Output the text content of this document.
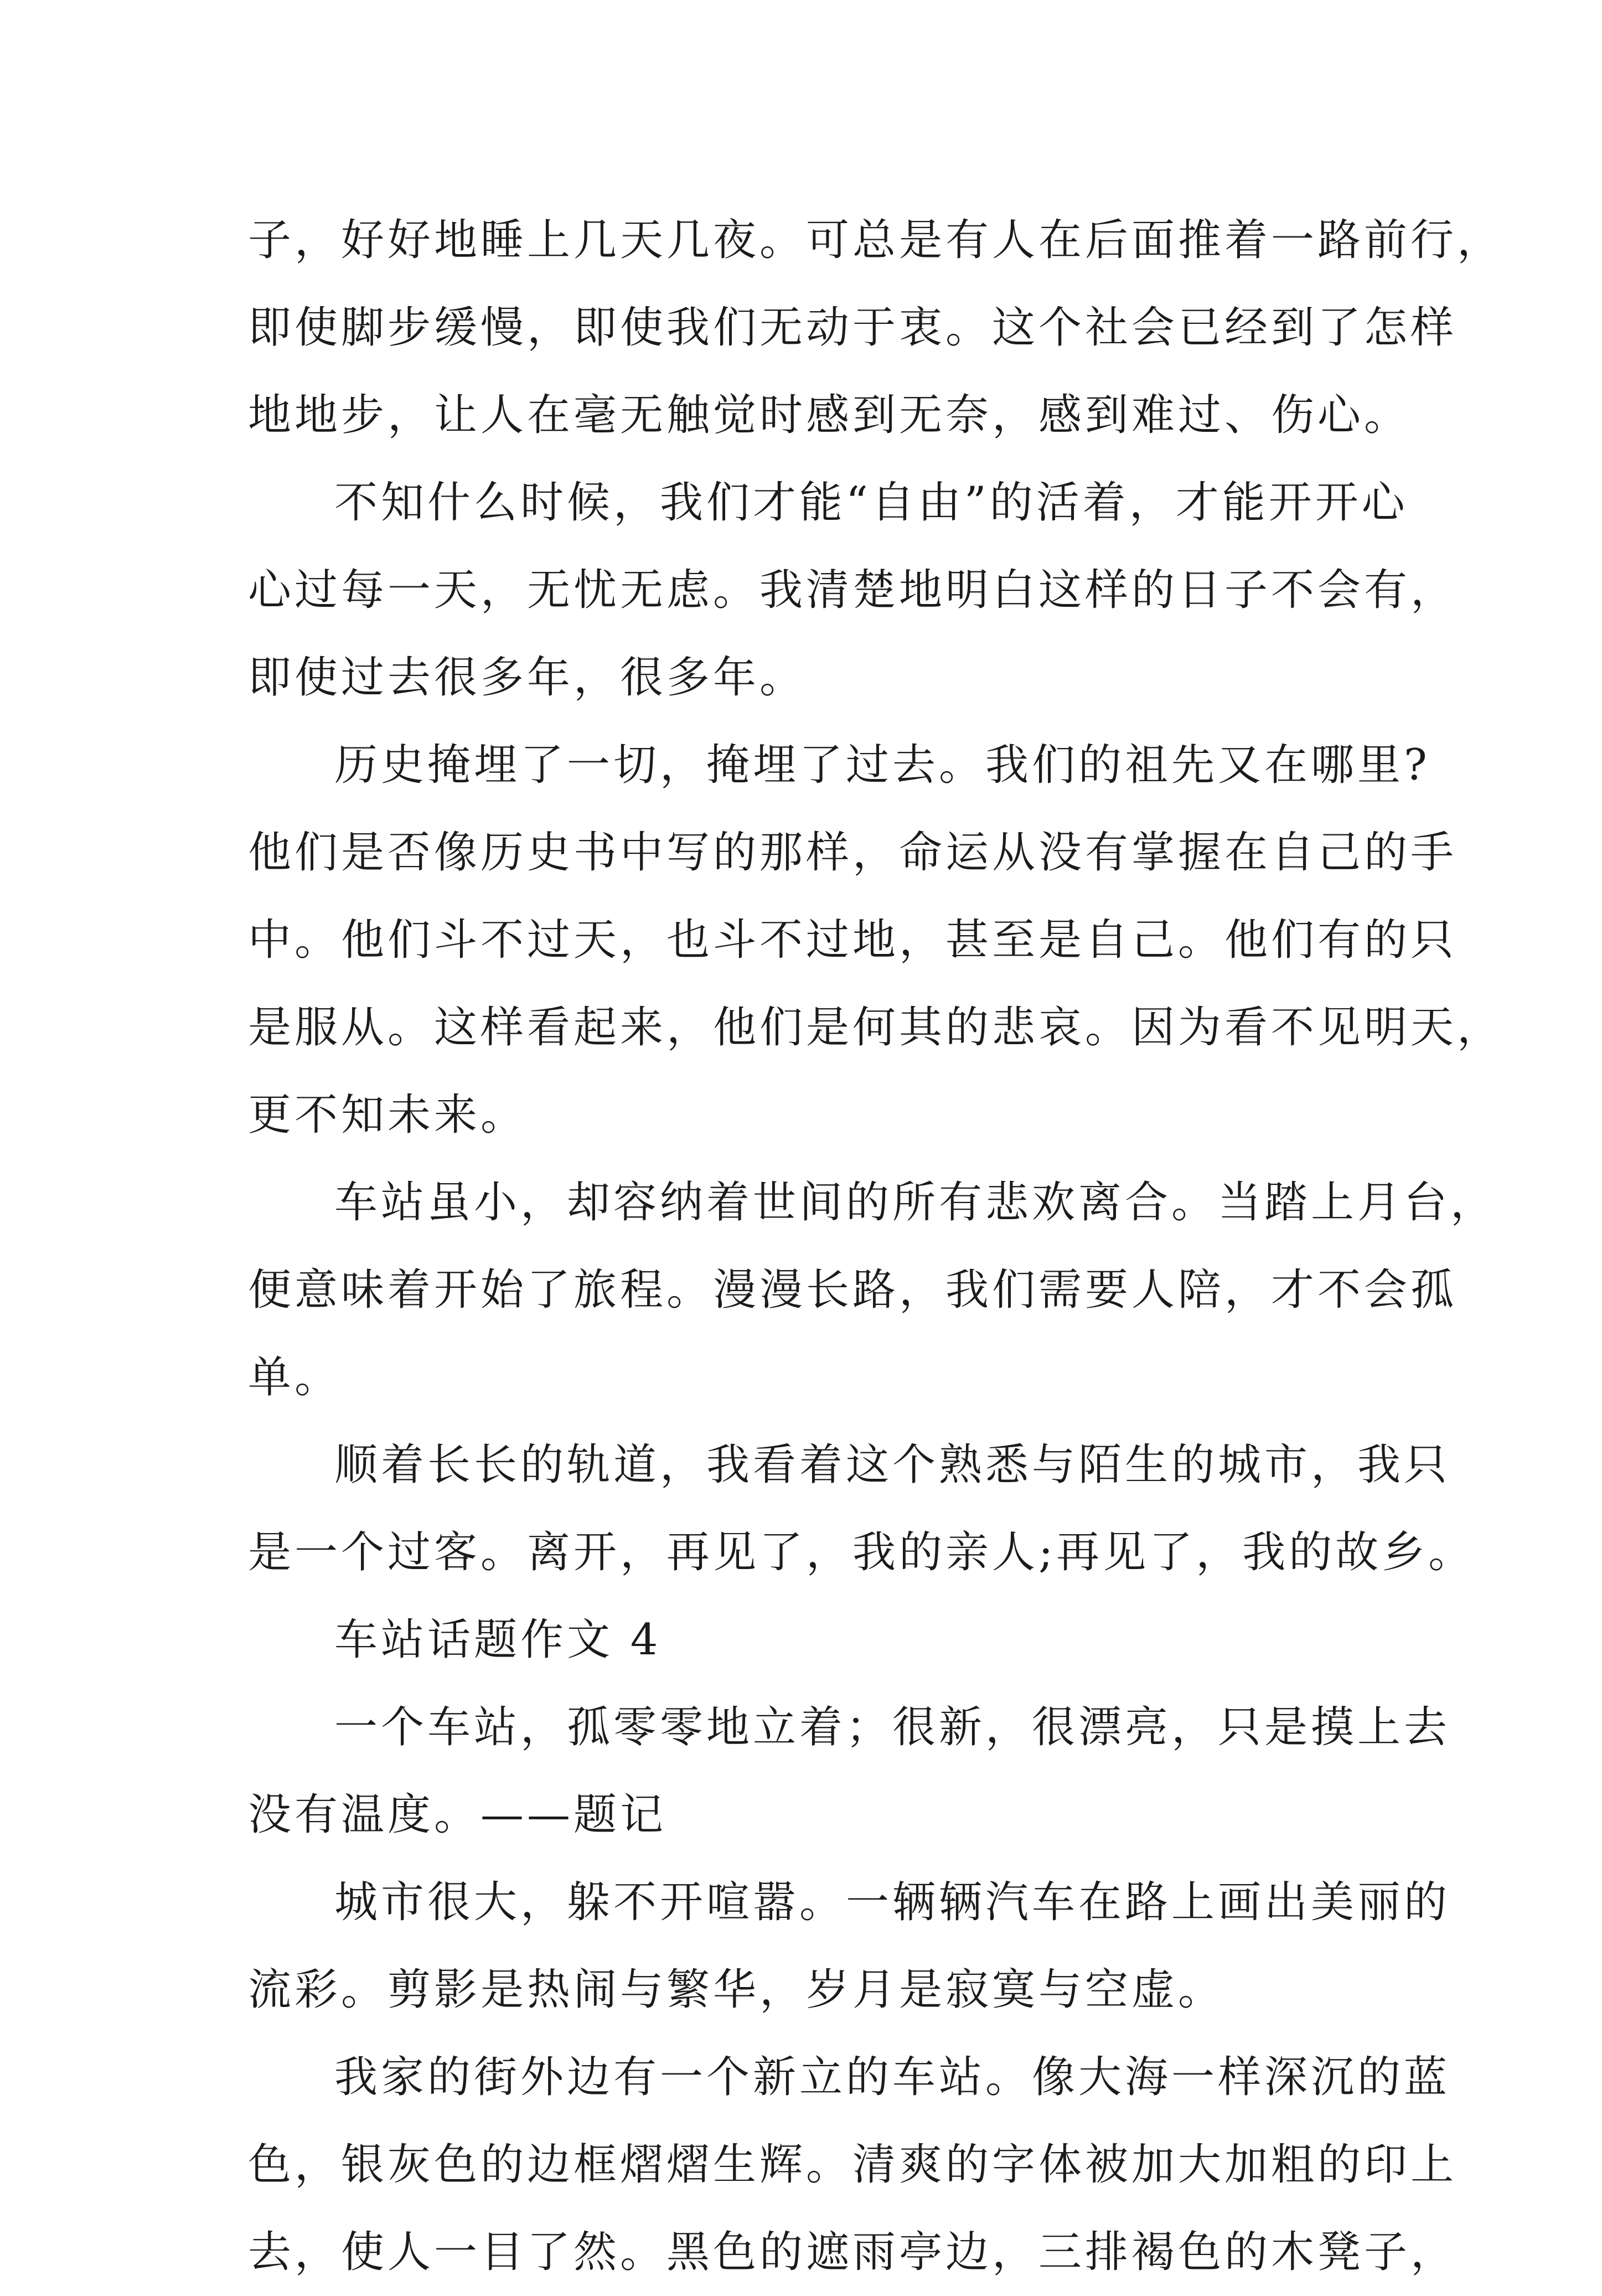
子，好好地睡上几天几夜。可总是有人在后面推着一路前行，
即使脚步缓慢，即使我们无动于衷。这个社会已经到了怎样
地地步，让人在毫无触觉时感到无奈，感到难过、伤心。
不知什么时候，我们才能“自由”的活着，才能开开心
心过每一天，无忧无虑。我清楚地明白这样的日子不会有，
即使过去很多年，很多年。
历史掩埋了一切，掩埋了过去。我们的祖先又在哪里?
他们是否像历史书中写的那样，命运从没有掌握在自己的手
中。他们斗不过天，也斗不过地，甚至是自己。他们有的只
是服从。这样看起来，他们是何其的悲哀。因为看不见明天，
更不知未来。
车站虽小，却容纳着世间的所有悲欢离合。当踏上月台，
便意味着开始了旅程。漫漫长路，我们需要人陪，才不会孤
单。
顺着长长的轨道，我看着这个熟悉与陌生的城市，我只
是一个过客。离开，再见了，我的亲人;再见了，我的故乡。
车站话题作文 4
一个车站，孤零零地立着；很新，很漂亮，只是摸上去
没有温度。——题记
城市很大，躲不开喧嚣。一辆辆汽车在路上画出美丽的
流彩。剪影是热闹与繁华，岁月是寂寞与空虚。
我家的街外边有一个新立的车站。像大海一样深沉的蓝
色，银灰色的边框熠熠生辉。清爽的字体被加大加粗的印上
去，使人一目了然。黑色的遮雨亭边，三排褐色的木凳子，
